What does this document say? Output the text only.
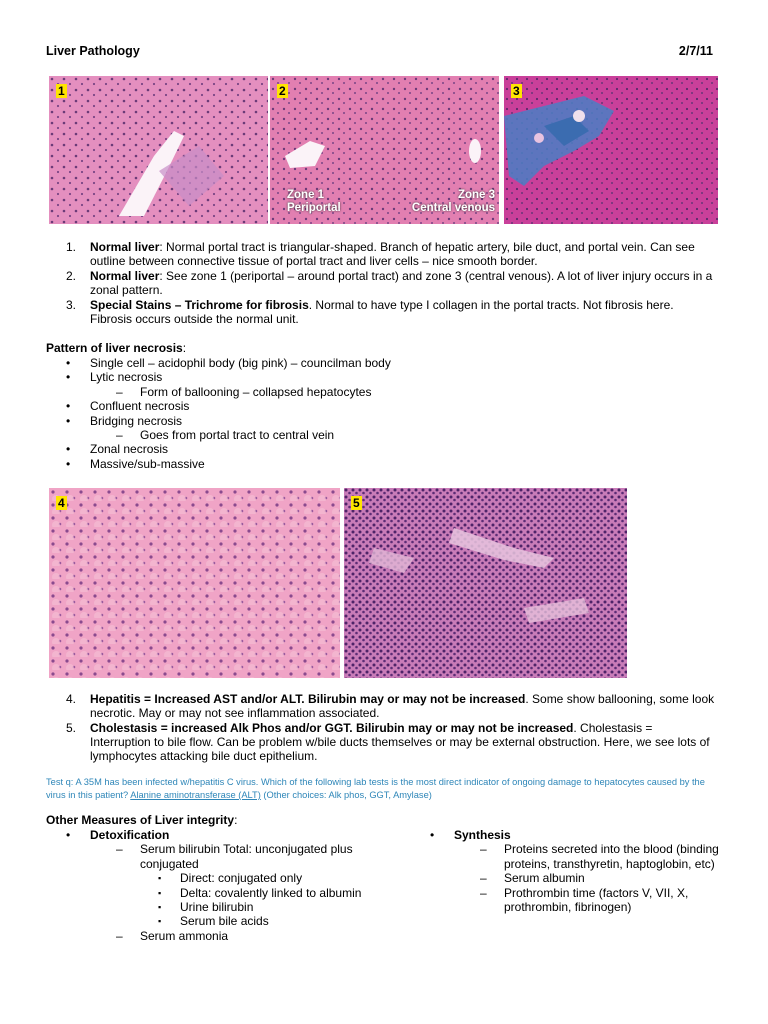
Liver Pathology	2/7/11
1	2
Zone 1
Periportal
Zone 3
Central venous
3
1. Normal liver: Normal portal tract is triangular-shaped. Branch of hepatic artery, bile duct, and portal vein. Can see outline between connective tissue of portal tract and liver cells – nice smooth border.
2. Normal liver: See zone 1 (periportal – around portal tract) and zone 3 (central venous). A lot of liver injury occurs in a zonal pattern.
3. Special Stains – Trichrome for fibrosis. Normal to have type I collagen in the portal tracts. Not fibrosis here. Fibrosis occurs outside the normal unit.
Pattern of liver necrosis:
• Single cell – acidophil body (big pink) – councilman body
• Lytic necrosis
– Form of ballooning – collapsed hepatocytes
• Confluent necrosis
• Bridging necrosis
– Goes from portal tract to central vein
• Zonal necrosis
• Massive/sub-massive
4	5
4. Hepatitis = Increased AST and/or ALT. Bilirubin may or may not be increased. Some show ballooning, some look necrotic. May or may not see inflammation associated.
5. Cholestasis = increased Alk Phos and/or GGT. Bilirubin may or may not be increased. Cholestasis = Interruption to bile flow. Can be problem w/bile ducts themselves or may be external obstruction. Here, we see lots of lymphocytes attacking bile duct epithelium.
Test q: A 35M has been infected w/hepatitis C virus. Which of the following lab tests is the most direct indicator of ongoing damage to hepatocytes caused by the virus in this patient? Alanine aminotransferase (ALT) (Other choices: Alk phos, GGT, Amylase)
Other Measures of Liver integrity:
• Detoxification
– Serum bilirubin Total: unconjugated plus conjugated
▪ Direct: conjugated only
▪ Delta: covalently linked to albumin
▪ Urine bilirubin
▪ Serum bile acids
– Serum ammonia
• Synthesis
– Proteins secreted into the blood (binding proteins, transthyretin, haptoglobin, etc)
– Serum albumin
– Prothrombin time (factors V, VII, X, prothrombin, fibrinogen)
